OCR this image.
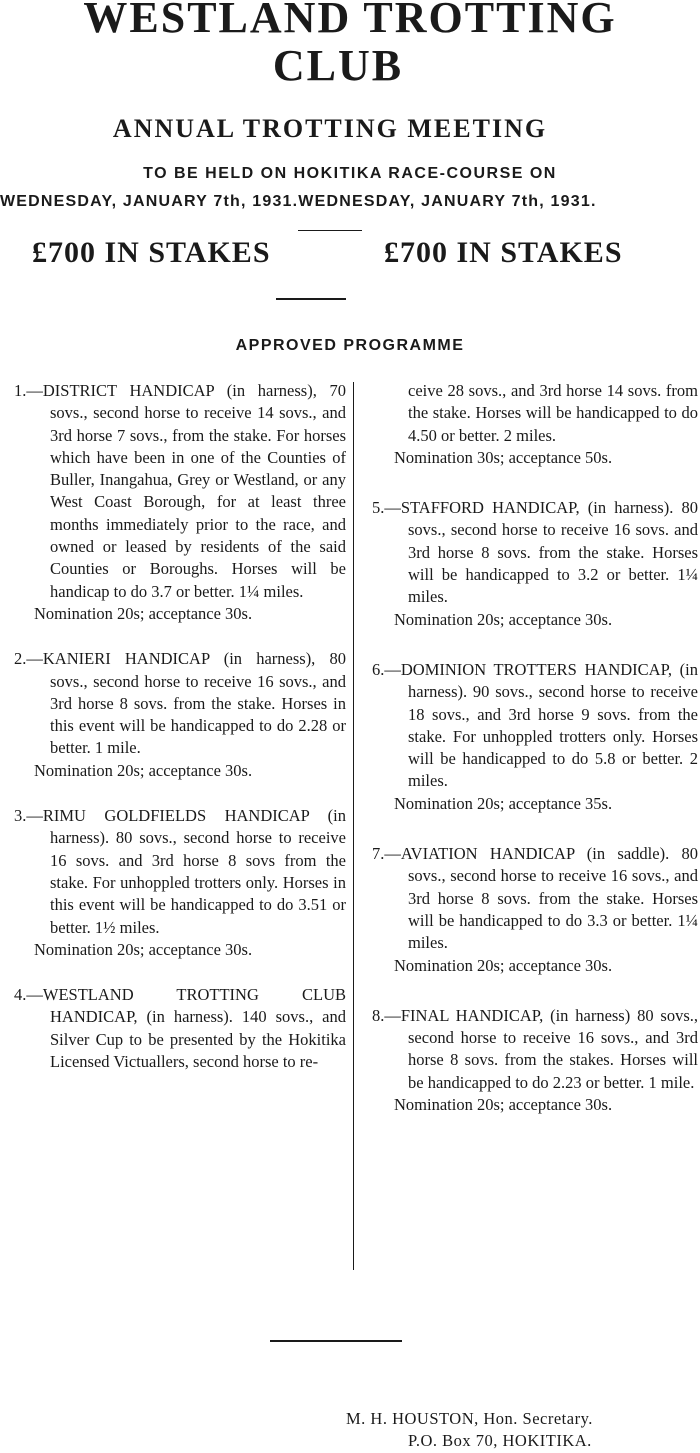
WESTLAND TROTTING
CLUB
ANNUAL TROTTING MEETING
TO BE HELD ON HOKITIKA RACE-COURSE ON
WEDNESDAY, JANUARY 7th, 1931.WEDNESDAY, JANUARY 7th, 1931.
£700 IN STAKES	£700 IN STAKES
APPROVED PROGRAMME

1.—DISTRICT HANDICAP (in harness), 70 sovs., second horse to receive 14 sovs., and 3rd horse 7 sovs., from the stake. For horses which have been in one of the Counties of Buller, Inangahua, Grey or Westland, or any West Coast Borough, for at least three months immediately prior to the race, and owned or leased by residents of the said Counties or Boroughs. Horses will be handicap to do 3.7 or better. 1¼ miles.

Nomination 20s; acceptance 30s.

2.—KANIERI HANDICAP (in harness), 80 sovs., second horse to receive 16 sovs., and 3rd horse 8 sovs. from the stake. Horses in this event will be handicapped to do 2.28 or better. 1 mile.

Nomination 20s; acceptance 30s.

3.—RIMU GOLDFIELDS HANDICAP (in harness). 80 sovs., second horse to receive 16 sovs. and 3rd horse 8 sovs from the stake. For unhoppled trotters only. Horses in this event will be handicapped to do 3.51 or better. 1½ miles.

Nomination 20s; acceptance 30s.

4.—WESTLAND TROTTING CLUB HANDICAP, (in harness). 140 sovs., and Silver Cup to be presented by the Hokitika Licensed Victuallers, second horse to re-

ceive 28 sovs., and 3rd horse 14 sovs. from the stake. Horses will be handicapped to do 4.50 or better. 2 miles.

Nomination 30s; acceptance 50s.

5.—STAFFORD HANDICAP, (in harness). 80 sovs., second horse to receive 16 sovs. and 3rd horse 8 sovs. from the stake. Horses will be handicapped to 3.2 or better. 1¼ miles.

Nomination 20s; acceptance 30s.

6.—DOMINION TROTTERS HANDICAP, (in harness). 90 sovs., second horse to receive 18 sovs., and 3rd horse 9 sovs. from the stake. For unhoppled trotters only. Horses will be handicapped to do 5.8 or better. 2 miles.

Nomination 20s; acceptance 35s.

7.—AVIATION HANDICAP (in saddle). 80 sovs., second horse to receive 16 sovs., and 3rd horse 8 sovs. from the stake. Horses will be handicapped to do 3.3 or better. 1¼ miles.

Nomination 20s; acceptance 30s.

8.—FINAL HANDICAP, (in harness) 80 sovs., second horse to receive 16 sovs., and 3rd horse 8 sovs. from the stakes. Horses will be handicapped to do 2.23 or better. 1 mile.

Nomination 20s; acceptance 30s.

M. H. HOUSTON, Hon. Secretary.
P.O. Box 70, HOKITIKA.
